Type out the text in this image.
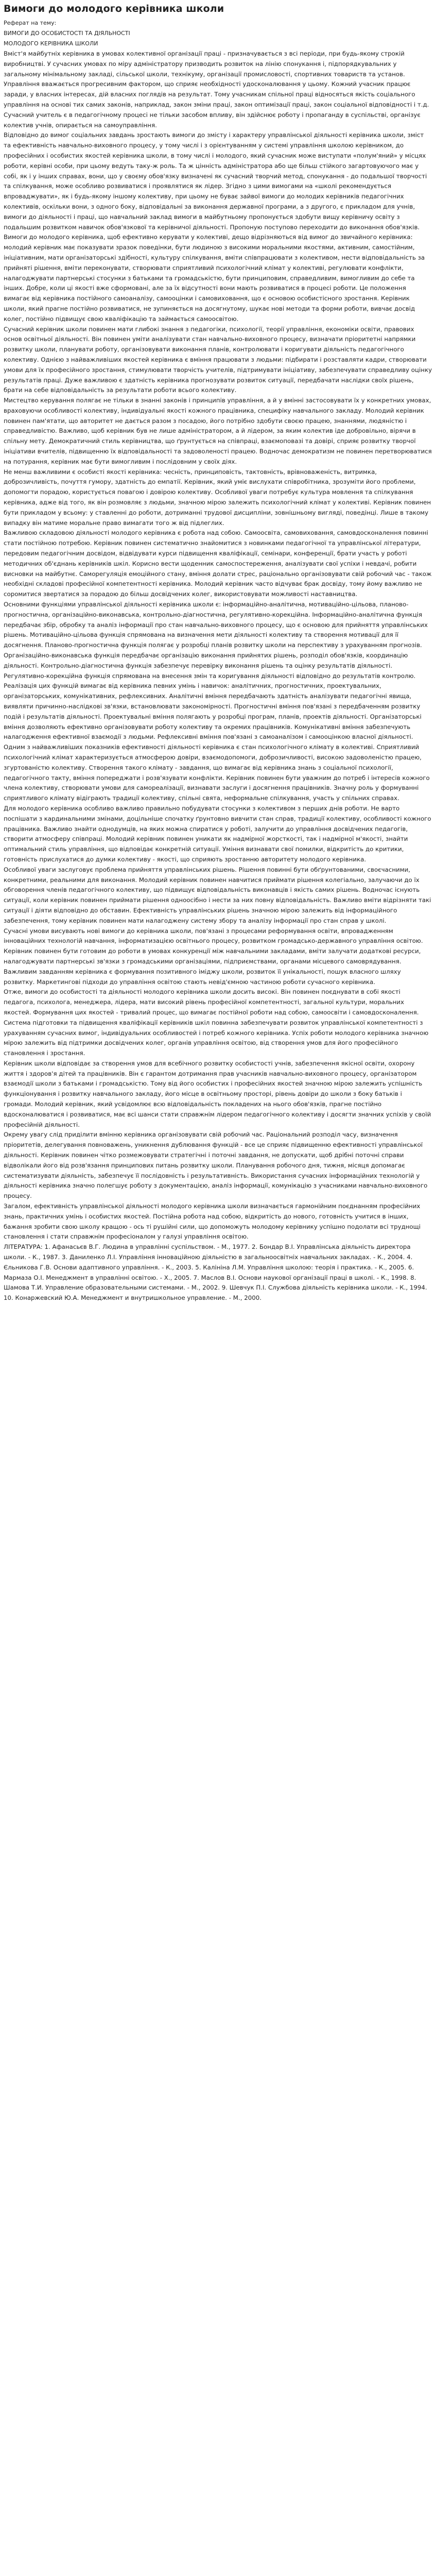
Вимоги до молодого керівника школи

Реферат на тему:

ВИМОГИ ДО ОСОБИСТОСТІ ТА ДІЯЛЬНОСТІ

МОЛОДОГО КЕРІВНИКА ШКОЛИ

Вміст'я майбутніх керівника в умовах колективної організації праці - призначувається з всі періоди, при будь-якому строкій виробництві. У сучасних умовах по міру адміністратору призводить розвиток на лінію спонукання і, підпорядкувальних у загальному мінімальному закладі, сільської школи, технікуму, організації промисловості, спортивних товариств та установ. Управління вважається прогресивним фактором, що сприяє необхідності удосконалювання у цьому. Кожний учасник працює заради, у власних інтересах, дій власних поглядів на результат. Тому учасникам спільної праці відносяться якість соціального управління на основі тих самих законів, наприклад, закон зміни праці, закон оптимізації праці, закон соціальної відповідності і т.д. Сучасний учитель є в педагогічному процесі не тільки засобом впливу, він здійснює роботу і пропаганду в суспільстві, організує колектив учнів, опирається на самоуправління.

Відповідно до вимог соціальних завдань зростають вимоги до змісту і характеру управлінської діяльності керівника школи, зміст та ефективність навчально-виховного процесу, у тому числі і з орієнтуванням у системі управління школою керівником, до професійних і особистих якостей керівника школи, в тому числі і молодого, який сучасник може виступати «полум'яний» у місцях роботи, керівні особи, при цьому ведуть таку-ж роль. Та ж цінність адміністратора або ще більш стійкого загартовуючого має у собі, як і у інших справах, вони, що у своєму обов'язку визначені як сучасний творчий метод, спонукання - до подальшої творчості та спілкування, може особливо розвиватися і проявлятися як лідер. Згідно з цими вимогами на «школі рекомендується впроваджувати», як і будь-якому іншому колективу, при цьому не буває зайвої вимоги до молодих керівників педагогічних колективів, оскільки вони, з одного боку, відповідальні за виконання державної програми, а з другого, є прикладом для учнів, вимоги до діяльності і праці, що навчальний заклад вимоги в майбутньому пропонується здобути вищу керівничу освіту з подальшим розвитком навичок обов'язкової та керівничої діяльності. Пропоную поступово переходити до виконання обов'язків.

Вимоги до молодого керівника, щоб ефективно керувати у колективі, дещо відрізняються від вимог до звичайного керівника: молодий керівник має показувати зразок поведінки, бути людиною з високими моральними якостями, активним, самостійним, ініціативним, мати організаторські здібності, культуру спілкування, вміти співпрацювати з колективом, нести відповідальність за прийняті рішення, вміти переконувати, створювати сприятливий психологічний клімат у колективі, регулювати конфлікти, налагоджувати партнерські стосунки з батьками та громадськістю, бути принциповим, справедливим, вимогливим до себе та інших. Добре, коли ці якості вже сформовані, але за їх відсутності вони мають розвиватися в процесі роботи. Це положення вимагає від керівника постійного самоаналізу, самооцінки і самовиховання, що є основою особистісного зростання. Керівник школи, який прагне постійно розвиватися, не зупиняється на досягнутому, шукає нові методи та форми роботи, вивчає досвід колег, постійно підвищує свою кваліфікацію та займається самоосвітою.

Сучасний керівник школи повинен мати глибокі знання з педагогіки, психології, теорії управління, економіки освіти, правових основ освітньої діяльності. Він повинен уміти аналізувати стан навчально-виховного процесу, визначати пріоритетні напрямки розвитку школи, планувати роботу, організовувати виконання планів, контролювати і коригувати діяльність педагогічного колективу. Однією з найважливіших якостей керівника є вміння працювати з людьми: підбирати і розставляти кадри, створювати умови для їх професійного зростання, стимулювати творчість учителів, підтримувати ініціативу, забезпечувати справедливу оцінку результатів праці. Дуже важливою є здатність керівника прогнозувати розвиток ситуації, передбачати наслідки своїх рішень, брати на себе відповідальність за результати роботи всього колективу.

Мистецтво керування полягає не тільки в знанні законів і принципів управління, а й у вмінні застосовувати їх у конкретних умовах, враховуючи особливості колективу, індивідуальні якості кожного працівника, специфіку навчального закладу. Молодий керівник повинен пам'ятати, що авторитет не дається разом з посадою, його потрібно здобути своєю працею, знаннями, людяністю і справедливістю. Важливо, щоб керівник був не лише адміністратором, а й лідером, за яким колектив іде добровільно, вірячи в спільну мету. Демократичний стиль керівництва, що ґрунтується на співпраці, взаємоповазі та довірі, сприяє розвитку творчої ініціативи вчителів, підвищенню їх відповідальності та задоволеності працею. Водночас демократизм не повинен перетворюватися на потурання, керівник має бути вимогливим і послідовним у своїх діях.

Не менш важливими є особисті якості керівника: чесність, принциповість, тактовність, врівноваженість, витримка, доброзичливість, почуття гумору, здатність до емпатії. Керівник, який уміє вислухати співробітника, зрозуміти його проблеми, допомогти порадою, користується повагою і довірою колективу. Особливої уваги потребує культура мовлення та спілкування керівника, адже від того, як він розмовляє з людьми, значною мірою залежить психологічний клімат у колективі. Керівник повинен бути прикладом у всьому: у ставленні до роботи, дотриманні трудової дисципліни, зовнішньому вигляді, поведінці. Лише в такому випадку він матиме моральне право вимагати того ж від підлеглих.

Важливою складовою діяльності молодого керівника є робота над собою. Самоосвіта, самовиховання, самовдосконалення повинні стати постійною потребою. Керівник повинен систематично знайомитися з новинками педагогічної та управлінської літератури, передовим педагогічним досвідом, відвідувати курси підвищення кваліфікації, семінари, конференції, брати участь у роботі методичних об'єднань керівників шкіл. Корисно вести щоденник самоспостереження, аналізувати свої успіхи і невдачі, робити висновки на майбутнє. Саморегуляція емоційного стану, вміння долати стрес, раціонально організовувати свій робочий час - також необхідні складові професійної компетентності керівника. Молодий керівник часто відчуває брак досвіду, тому йому важливо не соромитися звертатися за порадою до більш досвідчених колег, використовувати можливості наставництва.

Основними функціями управлінської діяльності керівника школи є: інформаційно-аналітична, мотиваційно-цільова, планово-прогностична, організаційно-виконавська, контрольно-діагностична, регулятивно-корекційна. Інформаційно-аналітична функція передбачає збір, обробку та аналіз інформації про стан навчально-виховного процесу, що є основою для прийняття управлінських рішень. Мотиваційно-цільова функція спрямована на визначення мети діяльності колективу та створення мотивації для її досягнення. Планово-прогностична функція полягає у розробці планів розвитку школи на перспективу з урахуванням прогнозів. Організаційно-виконавська функція передбачає організацію виконання прийнятих рішень, розподіл обов'язків, координацію діяльності. Контрольно-діагностична функція забезпечує перевірку виконання рішень та оцінку результатів діяльності. Регулятивно-корекційна функція спрямована на внесення змін та коригування діяльності відповідно до результатів контролю.

Реалізація цих функцій вимагає від керівника певних умінь і навичок: аналітичних, прогностичних, проектувальних, організаторських, комунікативних, рефлексивних. Аналітичні вміння передбачають здатність аналізувати педагогічні явища, виявляти причинно-наслідкові зв'язки, встановлювати закономірності. Прогностичні вміння пов'язані з передбаченням розвитку подій і результатів діяльності. Проектувальні вміння полягають у розробці програм, планів, проектів діяльності. Організаторські вміння дозволяють ефективно організовувати роботу колективу та окремих працівників. Комунікативні вміння забезпечують налагодження ефективної взаємодії з людьми. Рефлексивні вміння пов'язані з самоаналізом і самооцінкою власної діяльності.

Одним з найважливіших показників ефективності діяльності керівника є стан психологічного клімату в колективі. Сприятливий психологічний клімат характеризується атмосферою довіри, взаємодопомоги, доброзичливості, високою задоволеністю працею, згуртованістю колективу. Створення такого клімату - завдання, що вимагає від керівника знань з соціальної психології, педагогічного такту, вміння попереджати і розв'язувати конфлікти. Керівник повинен бути уважним до потреб і інтересів кожного члена колективу, створювати умови для самореалізації, визнавати заслуги і досягнення працівників. Значну роль у формуванні сприятливого клімату відіграють традиції колективу, спільні свята, неформальне спілкування, участь у спільних справах.

Для молодого керівника особливо важливо правильно побудувати стосунки з колективом з перших днів роботи. Не варто поспішати з кардинальними змінами, доцільніше спочатку ґрунтовно вивчити стан справ, традиції колективу, особливості кожного працівника. Важливо знайти однодумців, на яких можна спиратися у роботі, залучити до управління досвідчених педагогів, створити атмосферу співпраці. Молодий керівник повинен уникати як надмірної жорсткості, так і надмірної м'якості, знайти оптимальний стиль управління, що відповідає конкретній ситуації. Уміння визнавати свої помилки, відкритість до критики, готовність прислухатися до думки колективу - якості, що сприяють зростанню авторитету молодого керівника.

Особливої уваги заслуговує проблема прийняття управлінських рішень. Рішення повинні бути обґрунтованими, своєчасними, конкретними, реальними для виконання. Молодий керівник повинен навчитися приймати рішення колегіально, залучаючи до їх обговорення членів педагогічного колективу, що підвищує відповідальність виконавців і якість самих рішень. Водночас існують ситуації, коли керівник повинен приймати рішення одноосібно і нести за них повну відповідальність. Важливо вміти відрізняти такі ситуації і діяти відповідно до обставин. Ефективність управлінських рішень значною мірою залежить від інформаційного забезпечення, тому керівник повинен мати налагоджену систему збору та аналізу інформації про стан справ у школі.

Сучасні умови висувають нові вимоги до керівника школи, пов'язані з процесами реформування освіти, впровадженням інноваційних технологій навчання, інформатизацією освітнього процесу, розвитком громадсько-державного управління освітою. Керівник повинен бути готовим до роботи в умовах конкуренції між навчальними закладами, вміти залучати додаткові ресурси, налагоджувати партнерські зв'язки з громадськими організаціями, підприємствами, органами місцевого самоврядування. Важливим завданням керівника є формування позитивного іміджу школи, розвиток її унікальності, пошук власного шляху розвитку. Маркетингові підходи до управління освітою стають невід'ємною частиною роботи сучасного керівника.

Отже, вимоги до особистості та діяльності молодого керівника школи досить високі. Він повинен поєднувати в собі якості педагога, психолога, менеджера, лідера, мати високий рівень професійної компетентності, загальної культури, моральних якостей. Формування цих якостей - тривалий процес, що вимагає постійної роботи над собою, самоосвіти і самовдосконалення. Система підготовки та підвищення кваліфікації керівників шкіл повинна забезпечувати розвиток управлінської компетентності з урахуванням сучасних вимог, індивідуальних особливостей і потреб кожного керівника. Успіх роботи молодого керівника значною мірою залежить від підтримки досвідчених колег, органів управління освітою, від створення умов для його професійного становлення і зростання.

Керівник школи відповідає за створення умов для всебічного розвитку особистості учнів, забезпечення якісної освіти, охорону життя і здоров'я дітей та працівників. Він є гарантом дотримання прав учасників навчально-виховного процесу, організатором взаємодії школи з батьками і громадськістю. Тому від його особистих і професійних якостей значною мірою залежить успішність функціонування і розвитку навчального закладу, його місце в освітньому просторі, рівень довіри до школи з боку батьків і громади. Молодий керівник, який усвідомлює всю відповідальність покладених на нього обов'язків, прагне постійно вдосконалюватися і розвиватися, має всі шанси стати справжнім лідером педагогічного колективу і досягти значних успіхів у своїй професійній діяльності.

Окрему увагу слід приділити вмінню керівника організовувати свій робочий час. Раціональний розподіл часу, визначення пріоритетів, делегування повноважень, уникнення дублювання функцій - все це сприяє підвищенню ефективності управлінської діяльності. Керівник повинен чітко розмежовувати стратегічні і поточні завдання, не допускати, щоб дрібні поточні справи відволікали його від розв'язання принципових питань розвитку школи. Планування робочого дня, тижня, місяця допомагає систематизувати діяльність, забезпечує її послідовність і результативність. Використання сучасних інформаційних технологій у діяльності керівника значно полегшує роботу з документацією, аналіз інформації, комунікацію з учасниками навчально-виховного процесу.

Загалом, ефективність управлінської діяльності молодого керівника школи визначається гармонійним поєднанням професійних знань, практичних умінь і особистих якостей. Постійна робота над собою, відкритість до нового, готовність учитися в інших, бажання зробити свою школу кращою - ось ті рушійні сили, що допоможуть молодому керівнику успішно подолати всі труднощі становлення і стати справжнім професіоналом у галузі управління освітою.

ЛІТЕРАТУРА: 1. Афанасьєв В.Г. Людина в управлінні суспільством. - М., 1977. 2. Бондар В.І. Управлінська діяльність директора школи. - К., 1987. 3. Даниленко Л.І. Управління інноваційною діяльністю в загальноосвітніх навчальних закладах. - К., 2004. 4. Єльникова Г.В. Основи адаптивного управління. - К., 2003. 5. Калініна Л.М. Управління школою: теорія і практика. - К., 2005. 6. Мармаза О.І. Менеджмент в управлінні освітою. - Х., 2005. 7. Маслов В.І. Основи наукової організації праці в школі. - К., 1998. 8. Шамова Т.И. Управление образовательными системами. - М., 2002. 9. Шевчук П.І. Службова діяльність керівника школи. - К., 1994. 10. Конаржевский Ю.А. Менеджмент и внутришкольное управление. - М., 2000.
